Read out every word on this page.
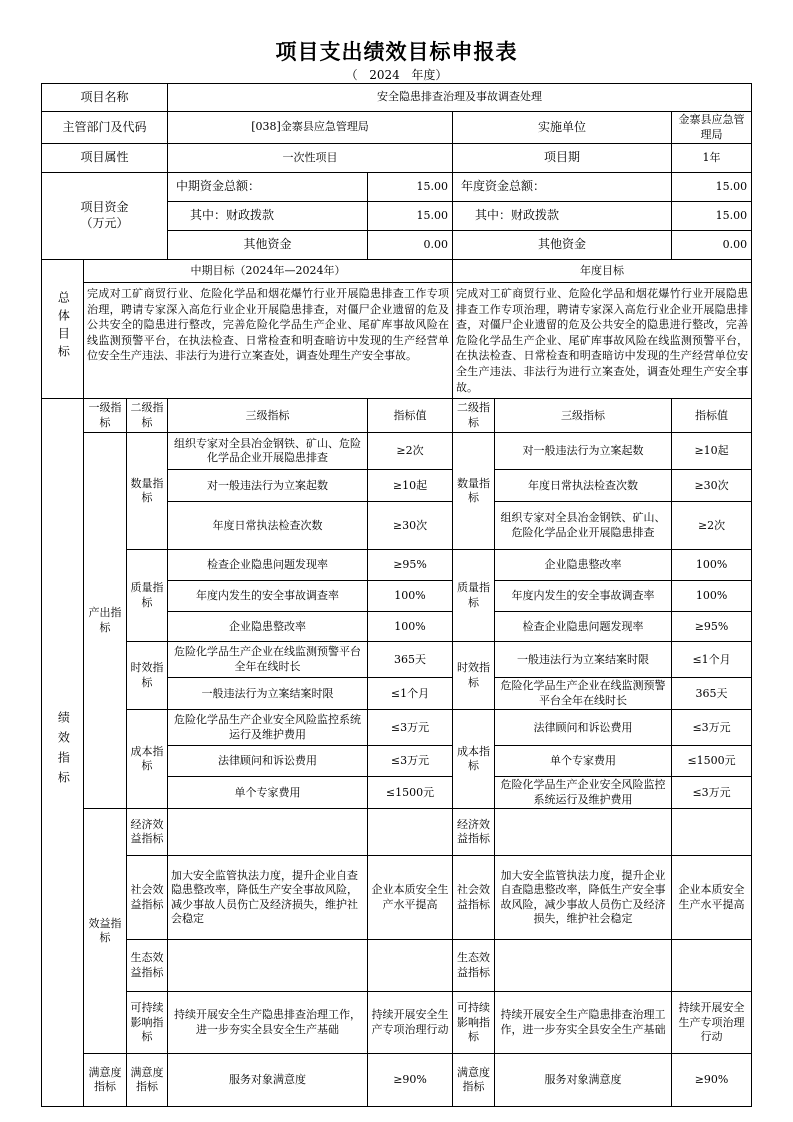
项目支出绩效目标申报表
（ 2024 年度）
项目名称			安全隐患排查治理及事故调查处理				
主管部门及代码			[038]金寨县应急管理局		实施单位		金寨县应急管理局
项目属性			一次性项目		项目期		1年

项目资金
（万元）			中期资金总额：	15.00	年度资金总额：		15.00
			其中：财政拨款	15.00	其中：财政拨款		15.00
			其他资金	0.00	其他资金		0.00
总体目标	中期目标（2024年—2024年）				年度目标		
	完成对工矿商贸行业、危险化学品和烟花爆竹行业开展隐患排查工作专项治理，聘请专家深入高危行业企业开展隐患排查，对僵尸企业遗留的危及公共安全的隐患进行整改，完善危险化学品生产企业、尾矿库事故风险在线监测预警平台，在执法检查、日常检查和明查暗访中发现的生产经营单位安全生产违法、非法行为进行立案查处，调查处理生产安全事故。				完成对工矿商贸行业、危险化学品和烟花爆竹行业开展隐患排查工作专项治理，聘请专家深入高危行业企业开展隐患排查，对僵尸企业遗留的危及公共安全的隐患进行整改，完善危险化学品生产企业、尾矿库事故风险在线监测预警平台，在执法检查、日常检查和明查暗访中发现的生产经营单位安全生产违法、非法行为进行立案查处，调查处理生产安全事故。		
绩效指标	一级指标	二级指标	三级指标	指标值	二级指标	三级指标	指标值
	产出指标	数量指标	组织专家对全县冶金钢铁、矿山、危险化学品企业开展隐患排查	≥2次	数量指标	对一般违法行为立案起数	≥10起
			对一般违法行为立案起数	≥10起		年度日常执法检查次数	≥30次
			年度日常执法检查次数	≥30次		组织专家对全县冶金钢铁、矿山、危险化学品企业开展隐患排查	≥2次
		质量指标	检查企业隐患问题发现率	≥95%	质量指标	企业隐患整改率	100%
			年度内发生的安全事故调查率	100%		年度内发生的安全事故调查率	100%
			企业隐患整改率	100%		检查企业隐患问题发现率	≥95%
		时效指标	危险化学品生产企业在线监测预警平台全年在线时长	365天	时效指标	一般违法行为立案结案时限	≤1个月
			一般违法行为立案结案时限	≤1个月		危险化学品生产企业在线监测预警平台全年在线时长	365天
		成本指标	危险化学品生产企业安全风险监控系统运行及维护费用	≤3万元	成本指标	法律顾问和诉讼费用	≤3万元
			法律顾问和诉讼费用	≤3万元		单个专家费用	≤1500元
			单个专家费用	≤1500元		危险化学品生产企业安全风险监控系统运行及维护费用	≤3万元
	效益指标	经济效益指标			经济效益指标		
		社会效益指标	加大安全监管执法力度，提升企业自查隐患整改率，降低生产安全事故风险，减少事故人员伤亡及经济损失，维护社会稳定	企业本质安全生产水平提高	社会效益指标	加大安全监管执法力度，提升企业自查隐患整改率，降低生产安全事故风险，减少事故人员伤亡及经济损失，维护社会稳定	企业本质安全生产水平提高
		生态效益指标			生态效益指标		
		可持续影响指标	持续开展安全生产隐患排查治理工作，进一步夯实全县安全生产基础	持续开展安全生产专项治理行动	可持续影响指标	持续开展安全生产隐患排查治理工作，进一步夯实全县安全生产基础	持续开展安全生产专项治理行动
	满意度指标	满意度指标	服务对象满意度	≥90%	满意度指标	服务对象满意度	≥90%
